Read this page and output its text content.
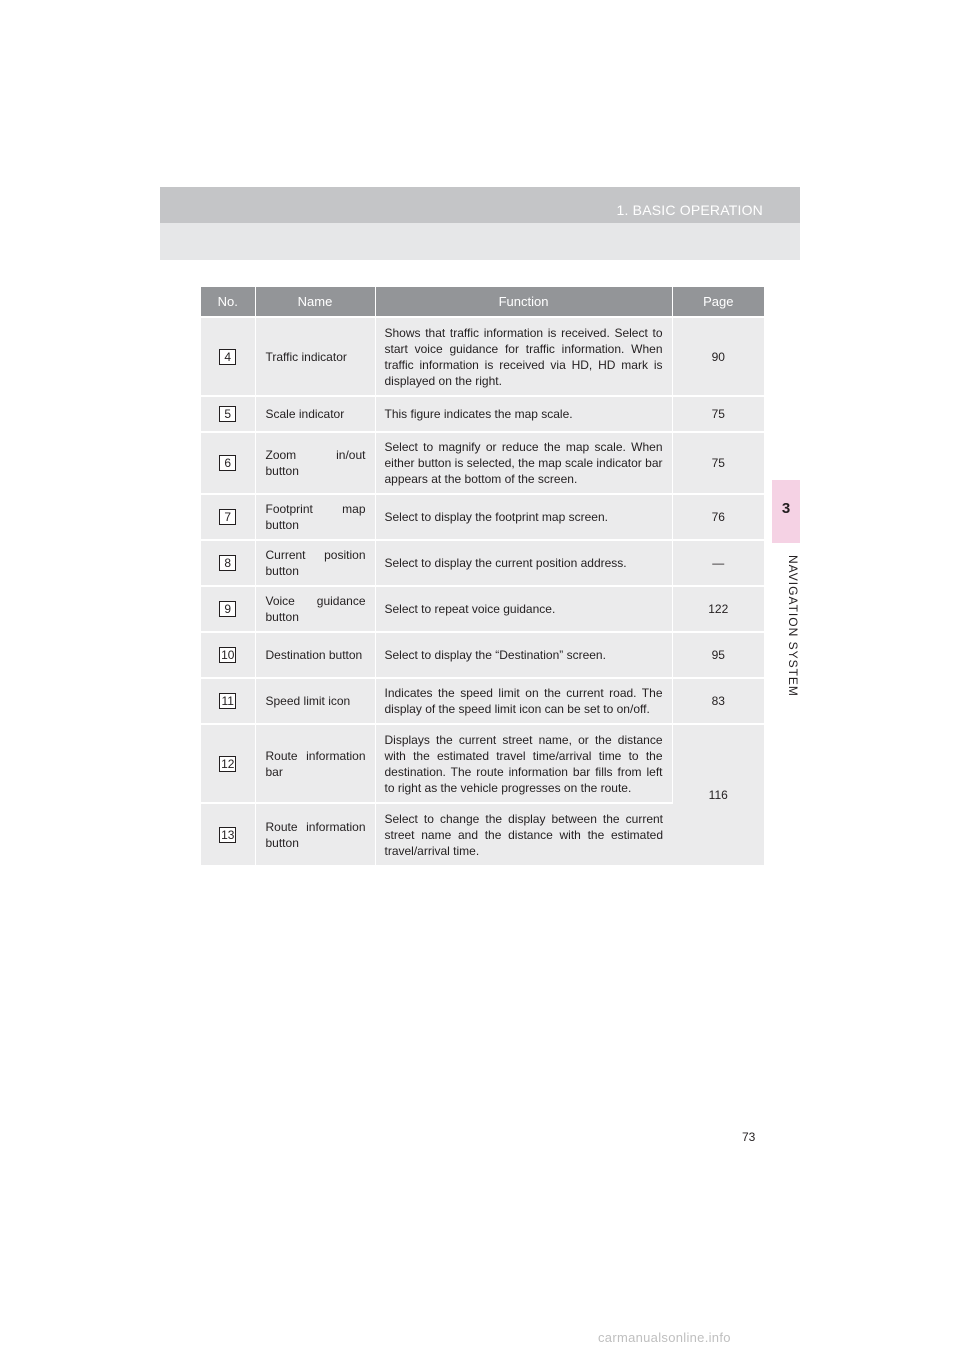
1. BASIC OPERATION
3
NAVIGATION SYSTEM
No.	Name	Function	Page
4	Traffic indicator	Shows that traffic information is received. Select to start voice guidance for traffic information. When traffic information is received via HD, HD mark is displayed on the right.	90
5	Scale indicator	This figure indicates the map scale.	75
6	Zoom in/out button	Select to magnify or reduce the map scale. When either button is selected, the map scale indicator bar appears at the bottom of the screen.	75
7	Footprint map button	Select to display the footprint map screen.	76
8	Current position button	Select to display the current position address.	—
9	Voice guidance button	Select to repeat voice guidance.	122
10	Destination button	Select to display the “Destination” screen.	95
11	Speed limit icon	Indicates the speed limit on the current road. The display of the speed limit icon can be set to on/off.	83
12	Route information bar	Displays the current street name, or the distance with the estimated travel time/arrival time to the destination. The route information bar fills from left to right as the vehicle progresses on the route.	116
13	Route information button	Select to change the display between the current street name and the distance with the estimated travel/arrival time.	
73
carmanualsonline.info
